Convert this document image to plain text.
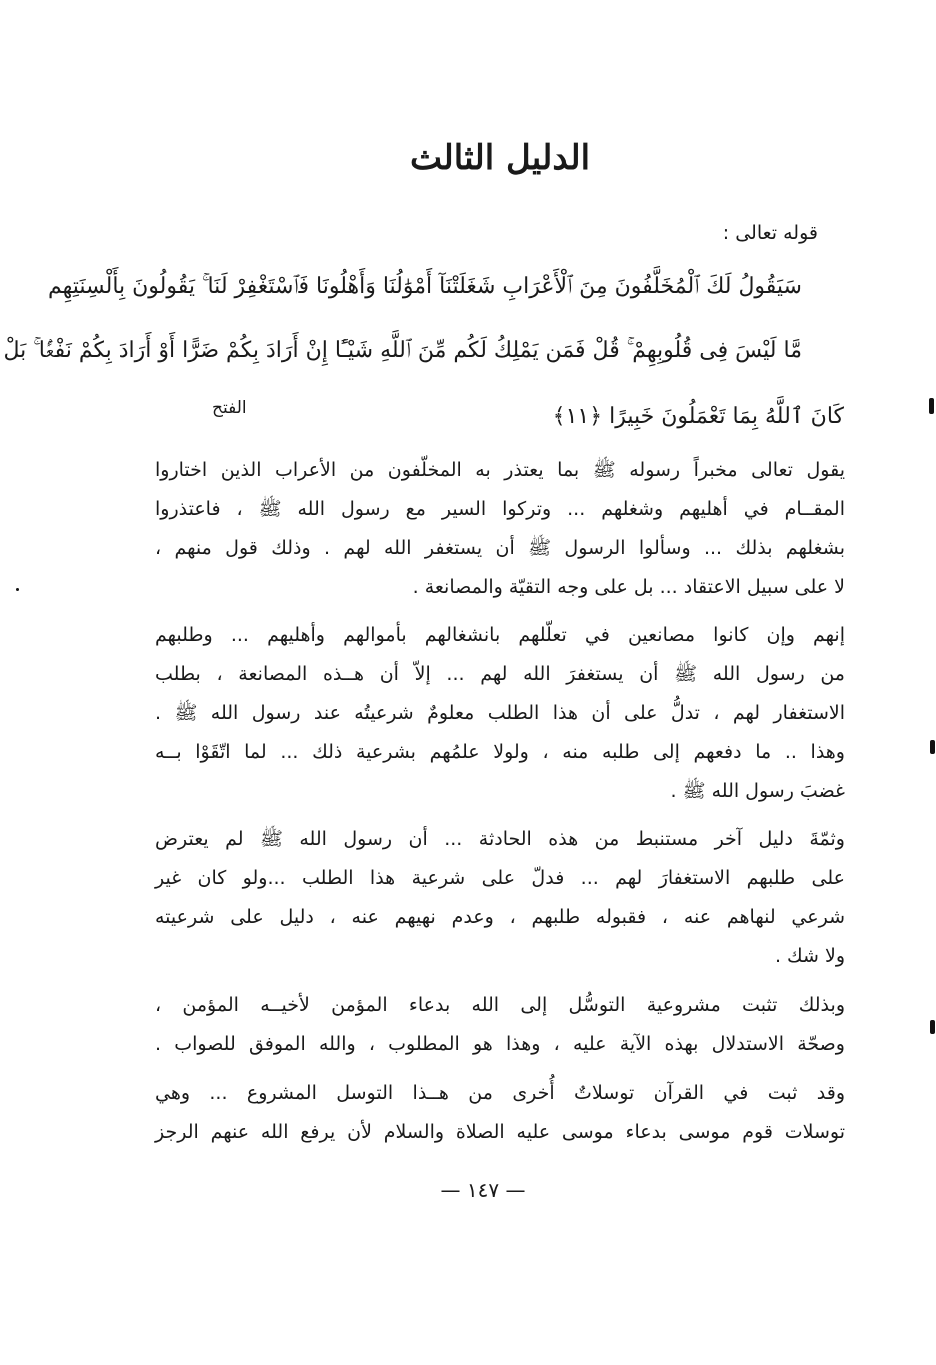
الدليل الثالث
قوله تعالى :
سَيَقُولُ لَكَ ٱلْمُخَلَّفُونَ مِنَ ٱلْأَعْرَابِ شَغَلَتْنَآ أَمْوَٰلُنَا وَأَهْلُونَا فَٱسْتَغْفِرْ لَنَا ۚ يَقُولُونَ بِأَلْسِنَتِهِم
مَّا لَيْسَ فِى قُلُوبِهِمْ ۚ قُلْ فَمَن يَمْلِكُ لَكُم مِّنَ ٱللَّهِ شَيْـًٔا إِنْ أَرَادَ بِكُمْ ضَرًّا أَوْ أَرَادَ بِكُمْ نَفْعًۢا ۚ بَلْ
كَانَ ٱللَّهُ بِمَا تَعْمَلُونَ خَبِيرًا ﴿١١﴾
الفتح
يقول تعالى مخبراً رسوله ﷺ بما يعتذر به المخلّفون من الأعراب الذين اختاروا
المقــام في أهليهم وشغلهم ... وتركوا السير مع رسول الله ﷺ ، فاعتذروا
بشغلهم بذلك ... وسألوا الرسول ﷺ أن يستغفر الله لهم . وذلك قول منهم ،
لا على سبيل الاعتقاد ... بل على وجه التقيّة والمصانعة .
إنهم وإن كانوا مصانعين في تعلّلهم بانشغالهم بأموالهم وأهليهم ... وطلبهم
من رسول الله ﷺ أن يستغفرَ الله لهم ... إلاّ أن هــذه المصانعة ، بطلب
الاستغفار لهم ، تدلُّ على أن هذا الطلب معلومٌ شرعيتُه عند رسول الله ﷺ .
وهذا .. ما دفعهم إلى طلبه منه ، ولولا علمُهم بشرعية ذلك ... لما اتّقَوْا بــه
غضبَ رسول الله ﷺ .
وثمّةَ دليل آخر مستنبط من هذه الحادثة ... أن رسول الله ﷺ لم يعترض
على طلبهم الاستغفارَ لهم ... فدلّ على شرعية هذا الطلب ...ولو كان غير
شرعي لنهاهم عنه ، فقبوله طلبهم ، وعدم نهيهم عنه ، دليل على شرعيته
ولا شك .
وبذلك تثبت مشروعية التوسُّل إلى الله بدعاء المؤمن لأخيــه المؤمن ،
وصحّة الاستدلال بهذه الآية عليه ، وهذا هو المطلوب ، والله الموفق للصواب .
وقد ثبت في القرآن توسلاتٌ أُخرى من هــذا التوسل المشروع ... وهي
توسلات قوم موسى بدعاء موسى عليه الصلاة والسلام لأن يرفع الله عنهم الرجز
— ١٤٧ —
